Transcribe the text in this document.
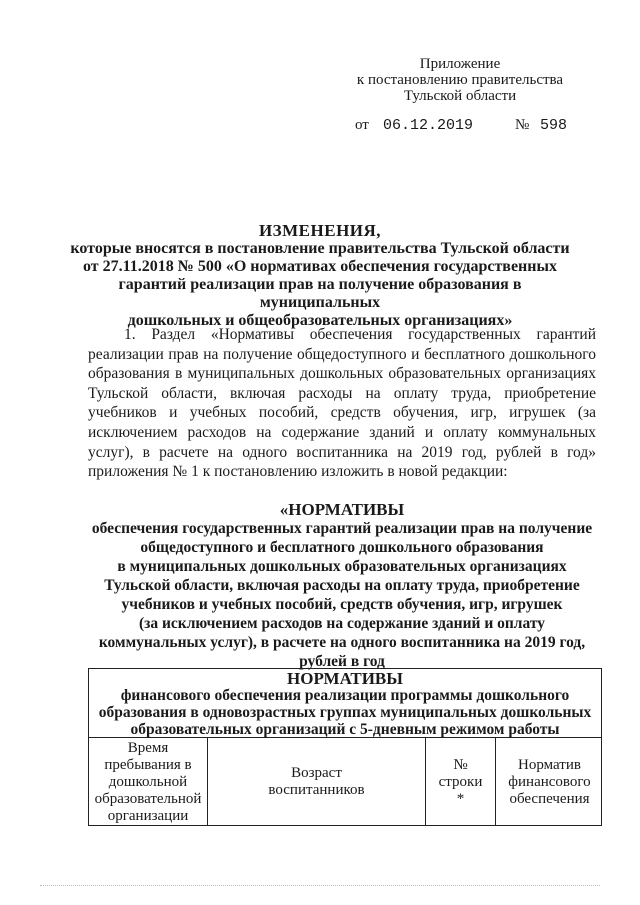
Приложение
к постановлению правительства
Тульской области
от 06.12.2019	№ 598
ИЗМЕНЕНИЯ,
которые вносятся в постановление правительства Тульской области
от 27.11.2018 № 500 «О нормативах обеспечения государственных
гарантий реализации прав на получение образования в муниципальных
дошкольных и общеобразовательных организациях»

1. Раздел «Нормативы обеспечения государственных гарантий реализации прав на получение общедоступного и бесплатного дошкольного образования в муниципальных дошкольных образовательных организациях Тульской области, включая расходы на оплату труда, приобретение учебников и учебных пособий, средств обучения, игр, игрушек (за исключением расходов на содержание зданий и оплату коммунальных услуг), в расчете на одного воспитанника на 2019 год, рублей в год» приложения № 1 к постановлению изложить в новой редакции:

«НОРМАТИВЫ
обеспечения государственных гарантий реализации прав на получение
общедоступного и бесплатного дошкольного образования
в муниципальных дошкольных образовательных организациях
Тульской области, включая расходы на оплату труда, приобретение
учебников и учебных пособий, средств обучения, игр, игрушек
(за исключением расходов на содержание зданий и оплату
коммунальных услуг), в расчете на одного воспитанника на 2019 год,
рублей в год
НОРМАТИВЫ
финансового обеспечения реализации программы дошкольного
образования в одновозрастных группах муниципальных дошкольных
образовательных организаций с 5-дневным режимом работы
Время
пребывания в
дошкольной
образовательной
организации
Возраст воспитанников
№
строки
*
Норматив
финансового обеспечения
